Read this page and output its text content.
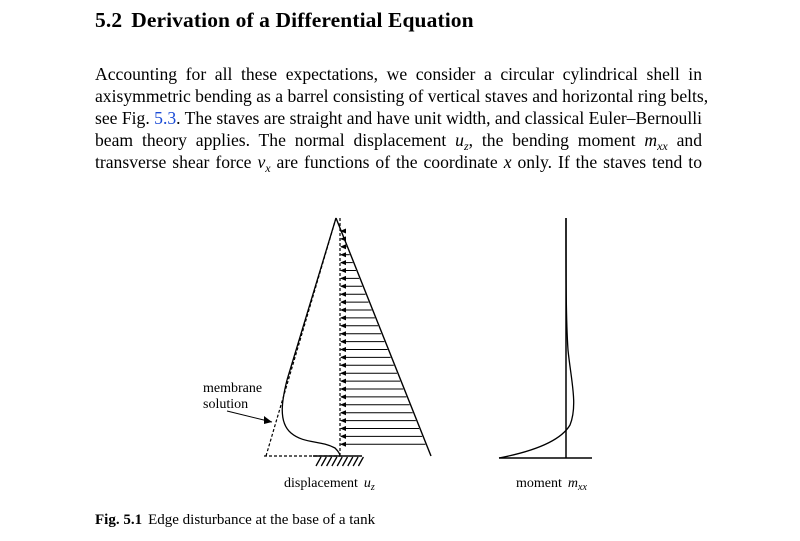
5.2 Derivation of a Differential Equation
Accounting for all these expectations, we consider a circular cylindrical shell in
axisymmetric bending as a barrel consisting of vertical staves and horizontal ring belts,
see Fig. 5.3. The staves are straight and have unit width, and classical Euler–Bernoulli
beam theory applies. The normal displacement $u_z$, the bending moment $m_{xx}$ and
transverse shear force $v_x$ are functions of the coordinate x only. If the staves tend to
membrane
solution
displacement $u_z$	moment $m_{xx}$
Fig. 5.1 Edge disturbance at the base of a tank
